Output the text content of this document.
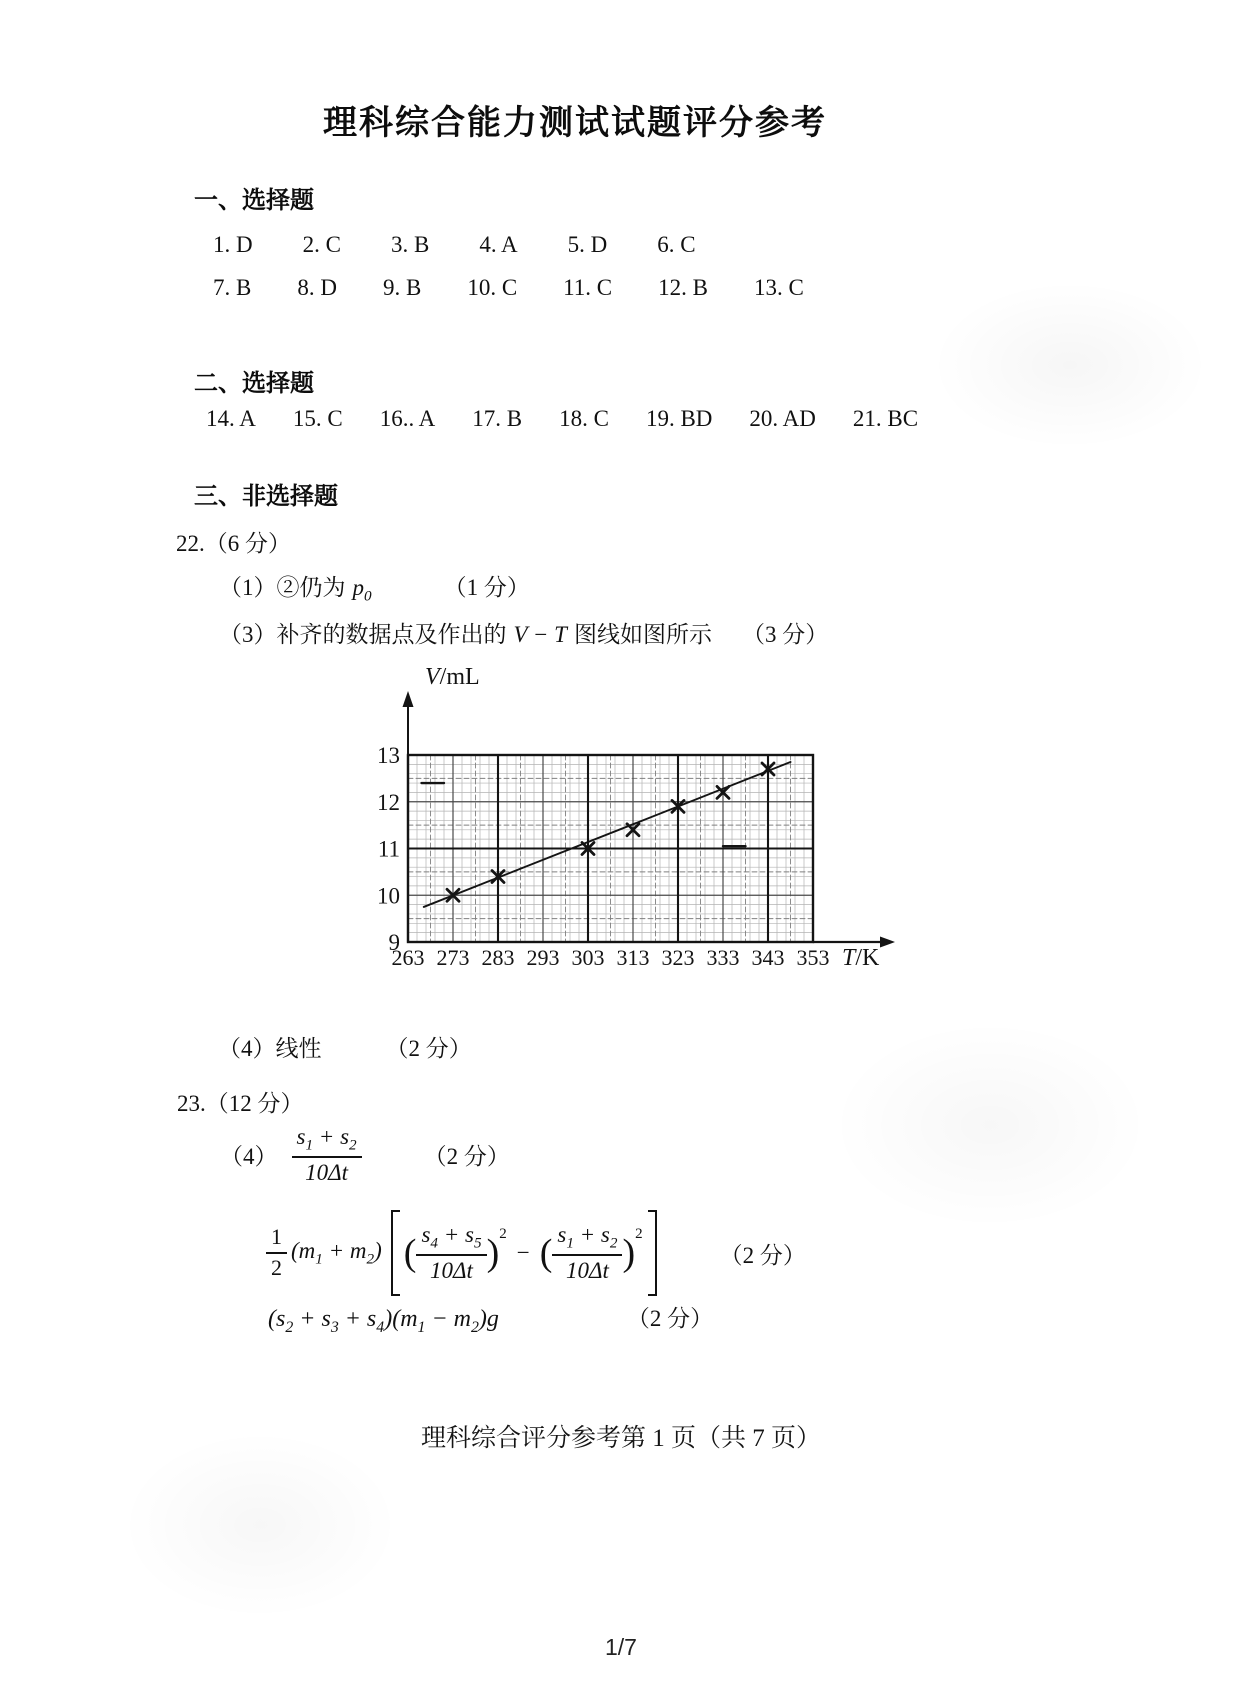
理科综合能力测试试题评分参考
一、选择题
1. D 2. C 3. B 4. A 5. D 6. C
7. B 8. D 9. B 10. C 11. C 12. B 13. C
二、选择题
14. A 15. C 16.. A 17. B 18. C 19. BD 20. AD 21. BC
三、非选择题
22.（6 分）
（1）②仍为 $p_0$	（1 分）
（3）补齐的数据点及作出的 V − T 图线如图所示 （3 分）
263 273 283 293 303 313 323 333 343 353
9
10
11
12
13
V/mL
T/K
（4）线性	（2 分）
23.（12 分）
$(4) \frac{s_1 + s_2}{10\Delta t}$	（2 分）
$\frac{1}{2} (m_1 + m_2)$ ( $\frac{s_4 + s_5}{10\Delta t}$ ) 2
− ( $\frac{s_1 + s_2}{10\Delta t}$ ) 2
（2 分）
$(s_2 + s_3 + s_4)(m_1 - m_2)g$	（2 分）
理科综合评分参考第 1 页（共 7 页）
1/7
